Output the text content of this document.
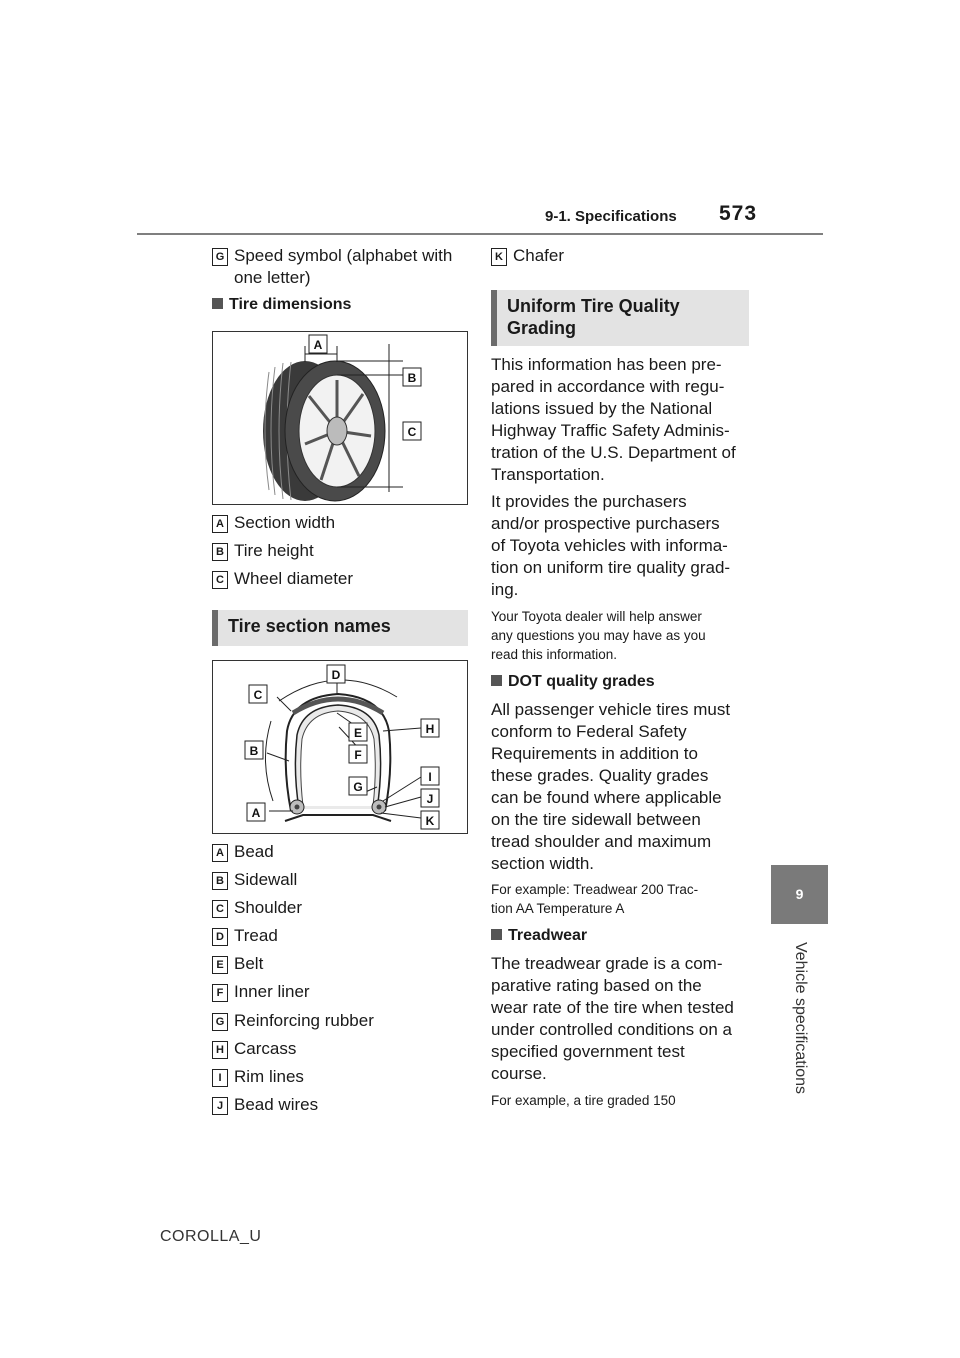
9-1. Specifications 573
9
Vehicle specifications
G Speed symbol (alphabet with
one letter)
Tire dimensions
A
B
C
A Section width
B Tire height
C Wheel diameter
Tire section names
A
B
C
D
E
F
G
H
I
J
K
A Bead
B Sidewall
C Shoulder
D Tread
E Belt
F Inner liner
G Reinforcing rubber
H Carcass
I Rim lines
J Bead wires
K Chafer
Uniform Tire Quality
Grading
This information has been pre-
pared in accordance with regu-
lations issued by the National
Highway Traffic Safety Adminis-
tration of the U.S. Department of
Transportation.
It provides the purchasers
and/or prospective purchasers
of Toyota vehicles with informa-
tion on uniform tire quality grad-
ing.
Your Toyota dealer will help answer
any questions you may have as you
read this information.
DOT quality grades
All passenger vehicle tires must
conform to Federal Safety
Requirements in addition to
these grades. Quality grades
can be found where applicable
on the tire sidewall between
tread shoulder and maximum
section width.
For example: Treadwear 200 Trac-
tion AA Temperature A
Treadwear
The treadwear grade is a com-
parative rating based on the
wear rate of the tire when tested
under controlled conditions on a
specified government test
course.
For example, a tire graded 150
COROLLA_U
